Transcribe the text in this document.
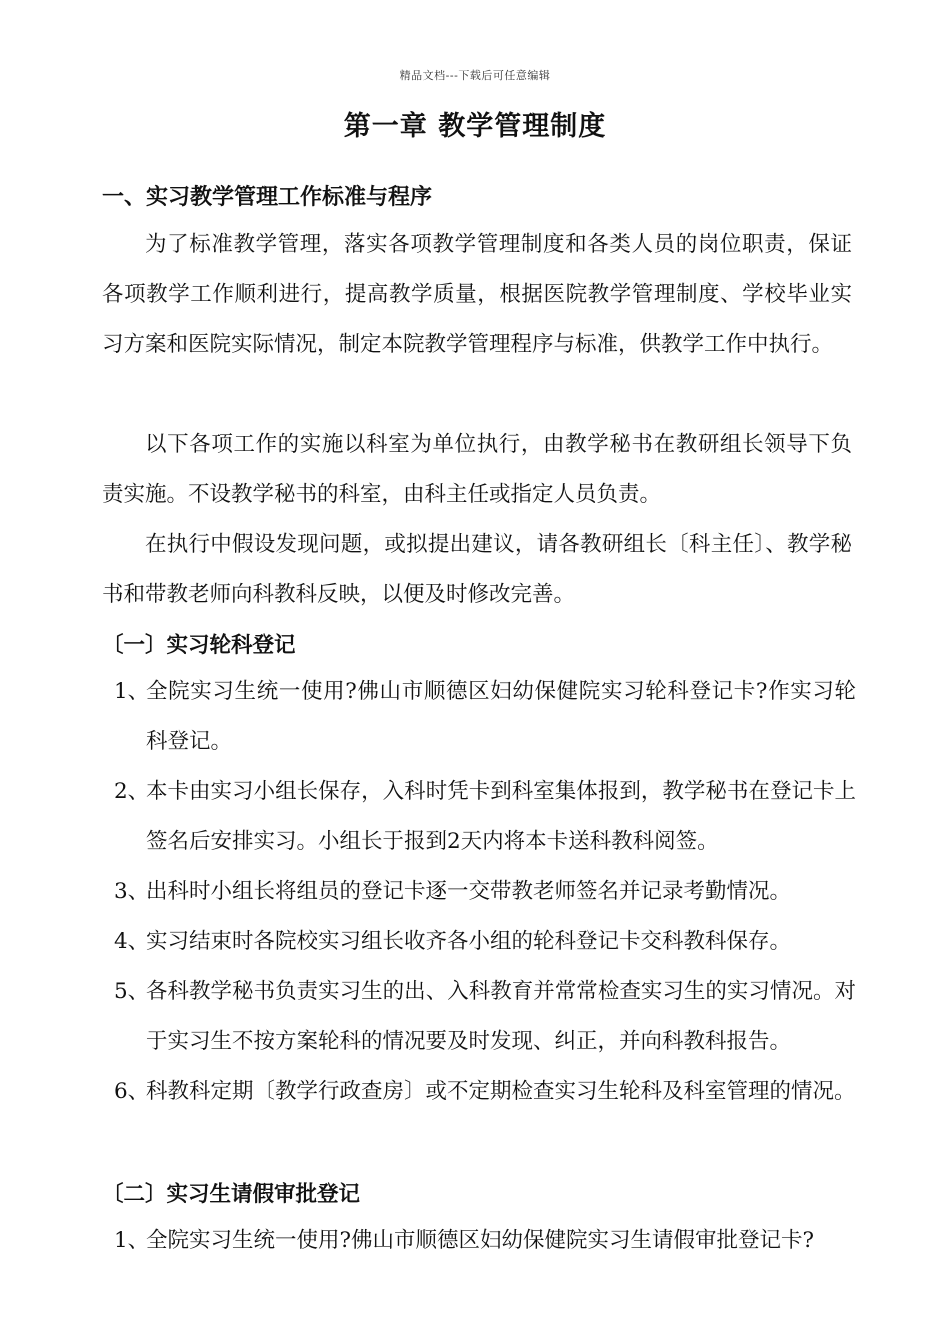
精品文档---下载后可任意编辑
第一章 教学管理制度
一、实习教学管理工作标准与程序

为了标准教学管理，落实各项教学管理制度和各类人员的岗位职责，保证各项教学工作顺利进行，提高教学质量，根据医院教学管理制度、学校毕业实习方案和医院实际情况，制定本院教学管理程序与标准，供教学工作中执行。

以下各项工作的实施以科室为单位执行，由教学秘书在教研组长领导下负责实施。不设教学秘书的科室，由科主任或指定人员负责。

在执行中假设发现问题，或拟提出建议，请各教研组长〔科主任〕、教学秘书和带教老师向科教科反映，以便及时修改完善。

〔一〕实习轮科登记
1、
全院实习生统一使用?佛山市顺德区妇幼保健院实习轮科登记卡?作实习轮科登记。
2、
本卡由实习小组长保存，入科时凭卡到科室集体报到，教学秘书在登记卡上签名后安排实习。小组长于报到2天内将本卡送科教科阅签。
3、
出科时小组长将组员的登记卡逐一交带教老师签名并记录考勤情况。
4、
实习结束时各院校实习组长收齐各小组的轮科登记卡交科教科保存。
5、
各科教学秘书负责实习生的出、入科教育并常常检查实习生的实习情况。对于实习生不按方案轮科的情况要及时发现、纠正，并向科教科报告。
6、
科教科定期〔教学行政查房〕或不定期检查实习生轮科及科室管理的情况。
〔二〕实习生请假审批登记
1、
全院实习生统一使用?佛山市顺德区妇幼保健院实习生请假审批登记卡?
